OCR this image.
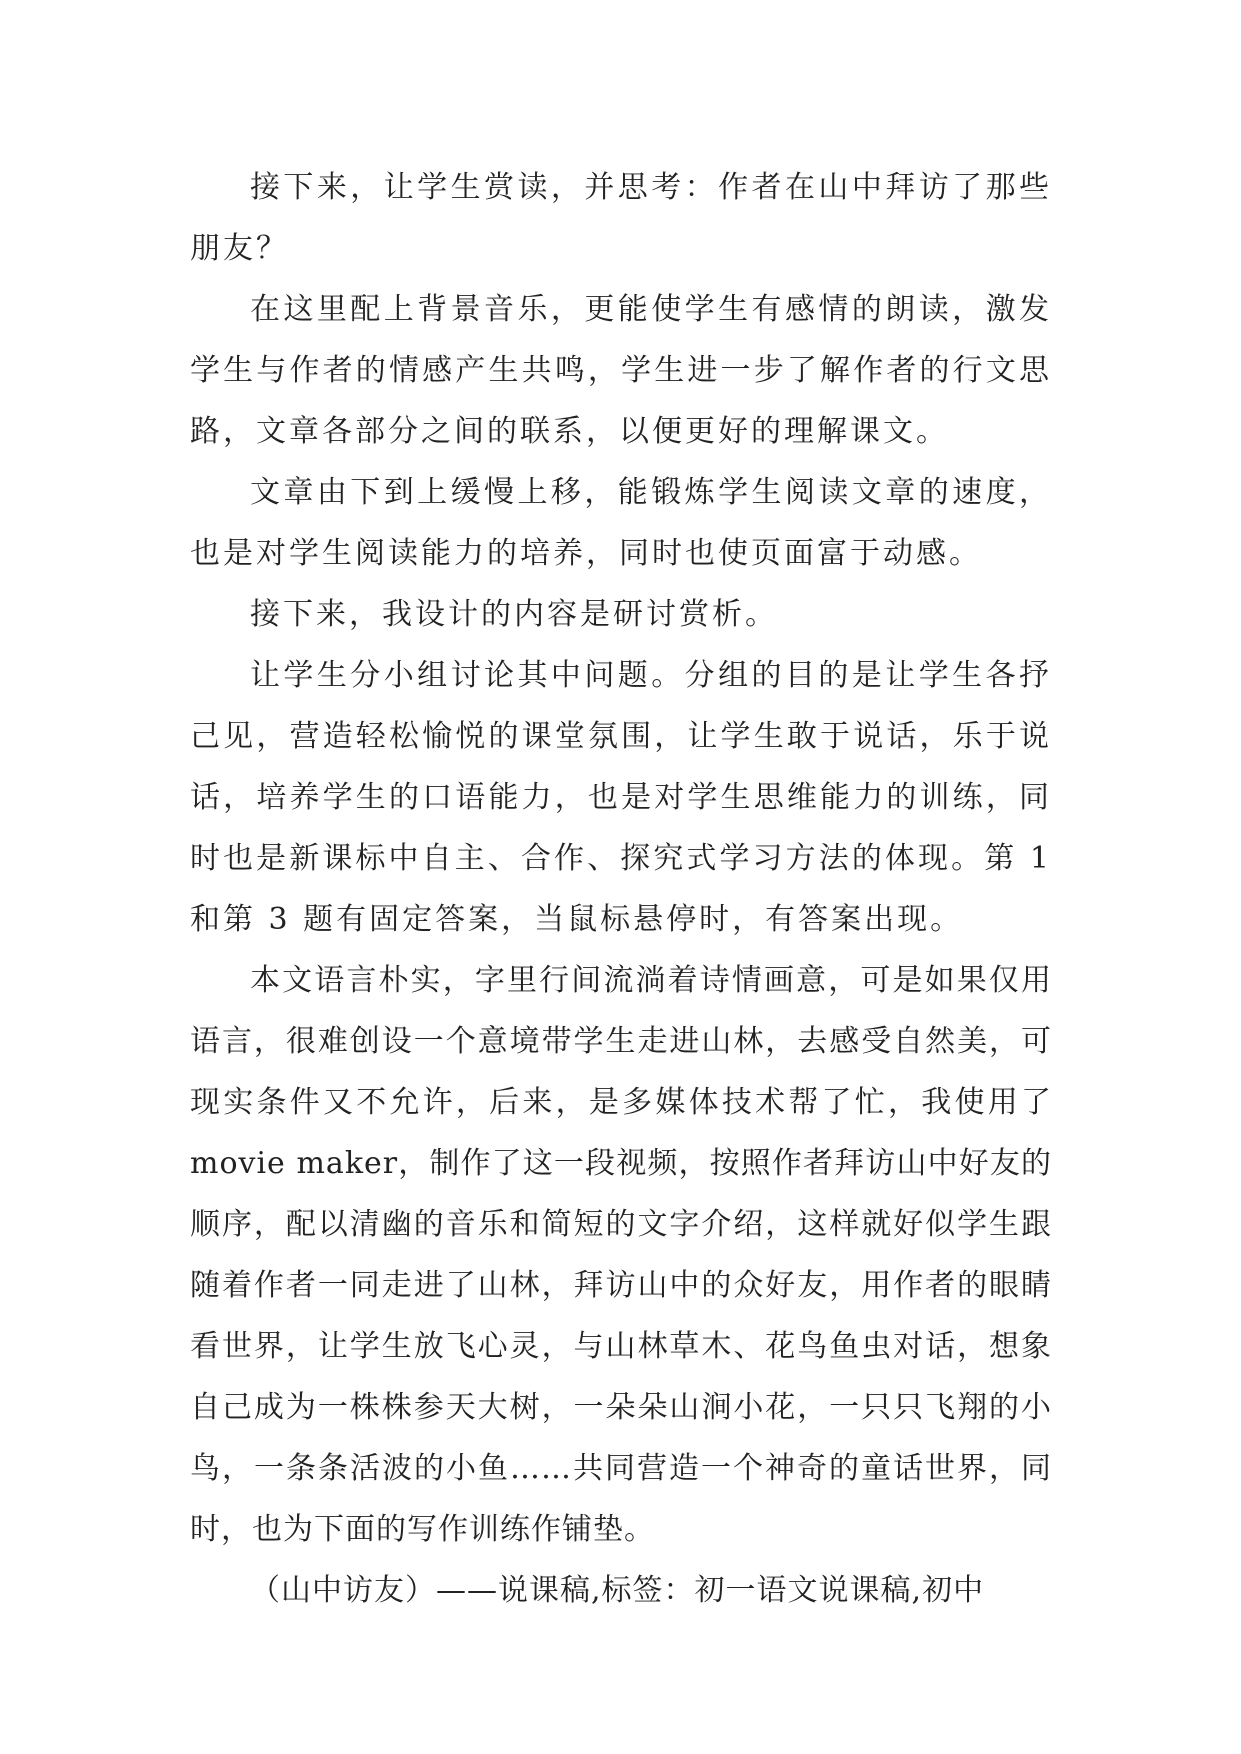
接下来，让学生赏读，并思考：作者在山中拜访了那些朋友？

在这里配上背景音乐，更能使学生有感情的朗读，激发学生与作者的情感产生共鸣，学生进一步了解作者的行文思路，文章各部分之间的联系，以便更好的理解课文。

文章由下到上缓慢上移，能锻炼学生阅读文章的速度，也是对学生阅读能力的培养，同时也使页面富于动感。

接下来，我设计的内容是研讨赏析。

让学生分小组讨论其中问题。分组的目的是让学生各抒己见，营造轻松愉悦的课堂氛围，让学生敢于说话，乐于说话，培养学生的口语能力，也是对学生思维能力的训练，同时也是新课标中自主、合作、探究式学习方法的体现。第 1 和第 3 题有固定答案，当鼠标悬停时，有答案出现。

本文语言朴实，字里行间流淌着诗情画意，可是如果仅用语言，很难创设一个意境带学生走进山林，去感受自然美，可现实条件又不允许，后来，是多媒体技术帮了忙，我使用了 movie maker，制作了这一段视频，按照作者拜访山中好友的顺序，配以清幽的音乐和简短的文字介绍，这样就好似学生跟随着作者一同走进了山林，拜访山中的众好友，用作者的眼睛看世界，让学生放飞心灵，与山林草木、花鸟鱼虫对话，想象自己成为一株株参天大树，一朵朵山涧小花，一只只飞翔的小鸟，一条条活波的小鱼……共同营造一个神奇的童话世界，同时，也为下面的写作训练作铺垫。

（山中访友）——说课稿,标签：初一语文说课稿,初中
